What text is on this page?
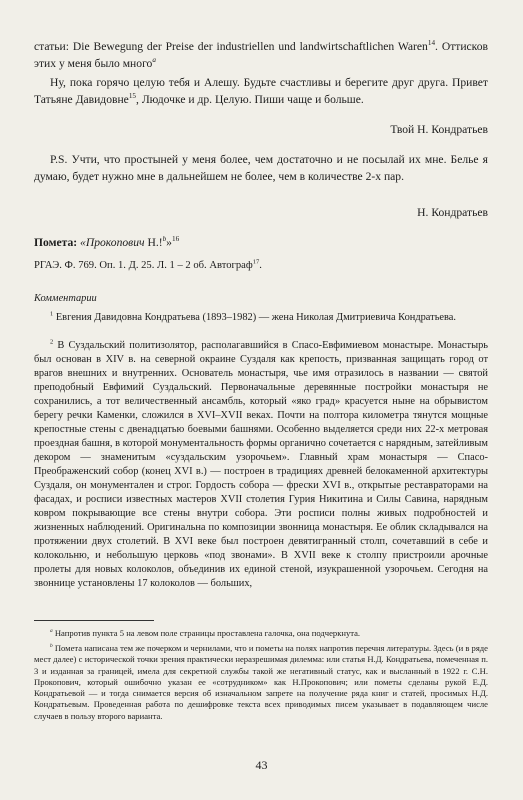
статьи: Die Bewegung der Preise der industriellen und landwirtschaftlichen Waren$^{14}$. Оттисков этих у меня было много$^а$

Ну, пока горячо целую тебя и Алешу. Будьте счастливы и берегите друг друга. Привет Татьяне Давидовне$^{15}$, Людочке и др. Целую. Пиши чаще и больше.

Твой Н. Кондратьев

P.S. Учти, что простыней у меня более, чем достаточно и не посылай их мне. Белье я думаю, будет нужно мне в дальнейшем не более, чем в количестве 2-х пар.

Н. Кондратьев

Помета: «Прокопович Н.!$^b$»$^{16}$

РГАЭ. Ф. 769. Оп. 1. Д. 25. Л. 1 – 2 об. Автограф$^{17}$.

Комментарии

$^1$ Евгения Давидовна Кондратьева (1893–1982) — жена Николая Дмитриевича Кондратьева.

$^2$ В Суздальский политизолятор, располагавшийся в Спасо-Евфимиевом монастыре. Монастырь был основан в XIV в. на северной окраине Суздаля как крепость, призванная защищать город от врагов внешних и внутренних. Основатель монастыря, чье имя отразилось в названии — святой преподобный Евфимий Суздальский. Первоначальные деревянные постройки монастыря не сохранились, а тот величественный ансамбль, который «яко град» красуется ныне на обрывистом берегу речки Каменки, сложился в XVI–XVII веках. Почти на полтора километра тянутся мощные крепостные стены с двенадцатью боевыми башнями. Особенно выделяется среди них 22-х метровая проездная башня, в которой монументальность формы органично сочетается с нарядным, затейливым декором — знаменитым «суздальским узорочьем». Главный храм монастыря — Спасо-Преображенский собор (конец XVI в.) — построен в традициях древней белокаменной архитектуры Суздаля, он монументален и строг. Гордость собора — фрески XVI в., открытые реставраторами на фасадах, и росписи известных мастеров XVII столетия Гурия Никитина и Силы Савина, нарядным ковром покрывающие все стены внутри собора. Эти росписи полны живых подробностей и жизненных наблюдений. Оригинальна по композиции звонница монастыря. Ее облик складывался на протяжении двух столетий. В XVI веке был построен девятигранный столп, сочетавший в себе и колокольню, и небольшую церковь «под звонами». В XVII веке к столпу пристроили арочные пролеты для новых колоколов, объединив их единой стеной, изукрашенной узорочьем. Сегодня на звоннице установлены 17 колоколов — больших,

$^а$ Напротив пункта 5 на левом поле страницы проставлена галочка, она подчеркнута.

$^b$ Помета написана тем же почерком и чернилами, что и пометы на полях напротив перечня литературы. Здесь (и в ряде мест далее) с исторической точки зрения практически неразрешимая дилемма: или статья Н.Д. Кондратьева, помеченная п. 3 и изданная за границей, имела для секретной службы такой же негативный статус, как и высланный в 1922 г. С.Н. Прокопович, который ошибочно указан ее «сотрудником» как Н.Прокопович; или пометы сделаны рукой Е.Д. Кондратьевой — и тогда снимается версия об изначальном запрете на получение ряда книг и статей, просимых Н.Д. Кондратьевым. Проведенная работа по дешифровке текста всех приводимых писем указывает в подавляющем числе случаев в пользу второго варианта.

43
